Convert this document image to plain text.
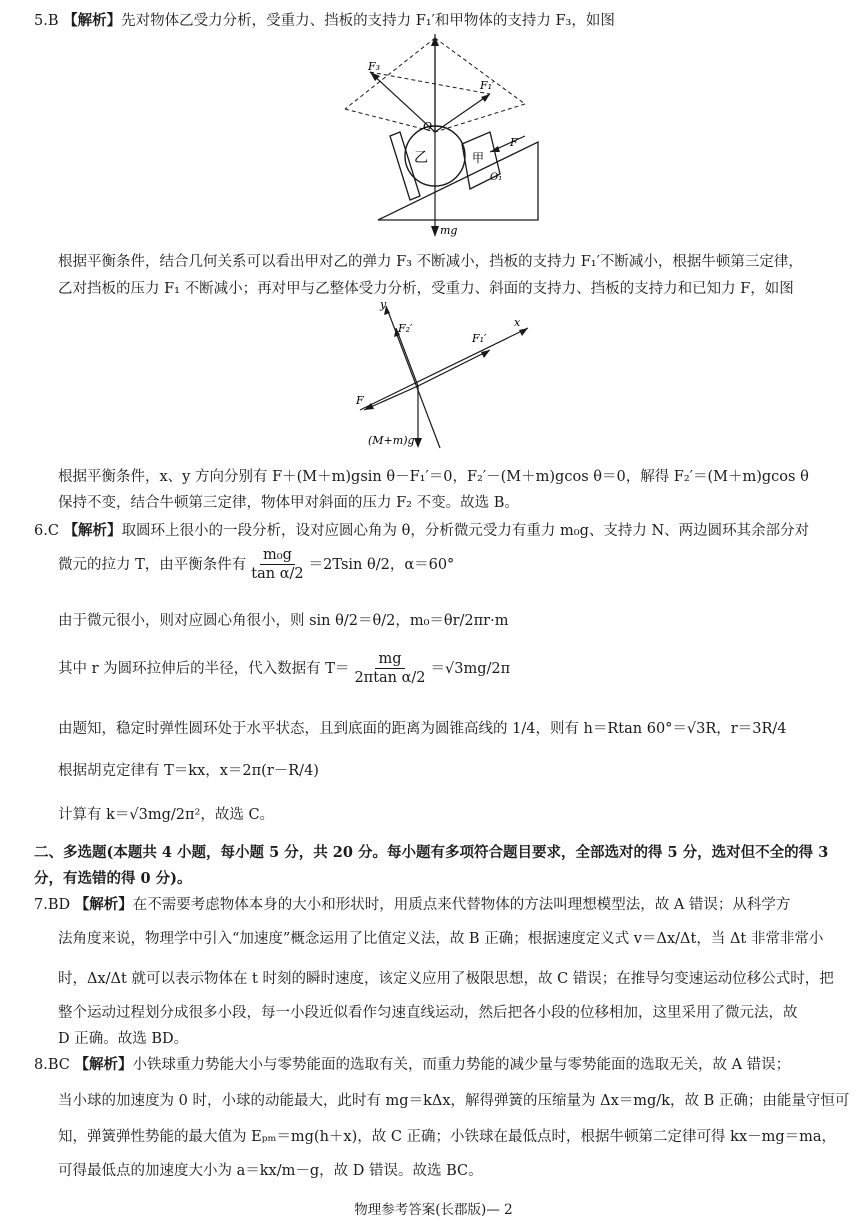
5.B 【解析】先对物体乙受力分析，受重力、挡板的支持力 F₁′和甲物体的支持力 F₃，如图
F₃
F₁′
O
乙	甲
F
O₁
mg
根据平衡条件，结合几何关系可以看出甲对乙的弹力 F₃ 不断减小，挡板的支持力 F₁′不断减小，根据牛顿第三定律，
乙对挡板的压力 F₁ 不断减小；再对甲与乙整体受力分析，受重力、斜面的支持力、挡板的支持力和已知力 F，如图
y
x
F₂′
F₁′
F
(M+m)g
根据平衡条件，x、y 方向分别有 F＋(M＋m)gsin θ－F₁′＝0，F₂′－(M＋m)gcos θ＝0，解得 F₂′＝(M＋m)gcos θ
保持不变，结合牛顿第三定律，物体甲对斜面的压力 F₂ 不变。故选 B。
6.C 【解析】取圆环上很小的一段分析，设对应圆心角为 θ，分析微元受力有重力 m₀g、支持力 N、两边圆环其余部分对
微元的拉力 T，由平衡条件有 $\frac{\text{m₀g}}{\text{tan α/2}} =2Tsin$ θ/2，α＝60°
由于微元很小，则对应圆心角很小，则 sin θ/2＝θ/2，m₀＝θr/2πr·m
其中 r 为圆环拉伸后的半径，代入数据有 $T= \frac{mg}{\text{2πtan α/2}} =√3mg/2\pi$
由题知，稳定时弹性圆环处于水平状态，且到底面的距离为圆锥高线的 1/4，则有 h＝Rtan 60°＝√3R，r＝3R/4
根据胡克定律有 T＝kx，x＝2π(r－R/4)
计算有 k＝√3mg/2π²，故选 C。
二、多选题(本题共 4 小题，每小题 5 分，共 20 分。每小题有多项符合题目要求，全部选对的得 5 分，选对但不全的得 3
分，有选错的得 0 分)。
7.BD 【解析】在不需要考虑物体本身的大小和形状时，用质点来代替物体的方法叫理想模型法，故 A 错误；从科学方
法角度来说，物理学中引入“加速度”概念运用了比值定义法，故 B 正确；根据速度定义式 v＝Δx/Δt，当 Δt 非常非常小
时，Δx/Δt 就可以表示物体在 t 时刻的瞬时速度，该定义应用了极限思想，故 C 错误；在推导匀变速运动位移公式时，把
整个运动过程划分成很多小段，每一小段近似看作匀速直线运动，然后把各小段的位移相加，这里采用了微元法，故
D 正确。故选 BD。
8.BC 【解析】小铁球重力势能大小与零势能面的选取有关，而重力势能的减少量与零势能面的选取无关，故 A 错误；
当小球的加速度为 0 时，小球的动能最大，此时有 mg＝kΔx，解得弹簧的压缩量为 Δx＝mg/k，故 B 正确；由能量守恒可
知，弹簧弹性势能的最大值为 Eₚₘ＝mg(h＋x)，故 C 正确；小铁球在最低点时，根据牛顿第二定律可得 kx－mg＝ma，
可得最低点的加速度大小为 a＝kx/m－g，故 D 错误。故选 BC。
物理参考答案(长郡版)— 2
